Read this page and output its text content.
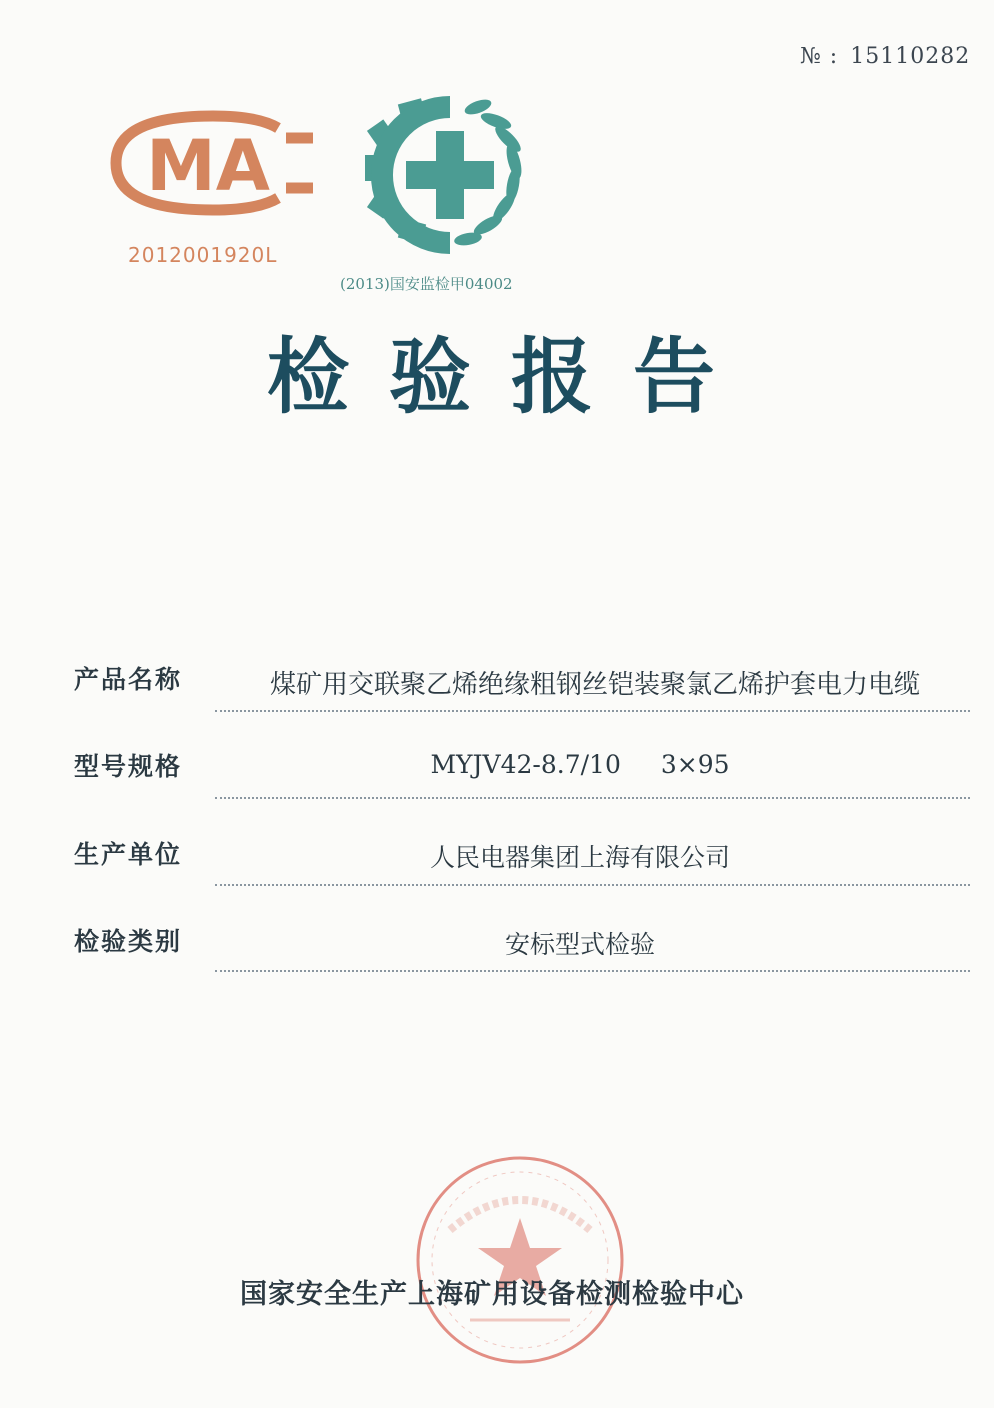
№ : 15110282
MA
2012001920L
(2013)国安监检甲04002
检验报告
产品名称	煤矿用交联聚乙烯绝缘粗钢丝铠装聚氯乙烯护套电力电缆
型号规格	MYJV42-8.7/10 3×95
生产单位	人民电器集团上海有限公司
检验类别	安标型式检验
国家安全生产上海矿用设备检测检验中心
